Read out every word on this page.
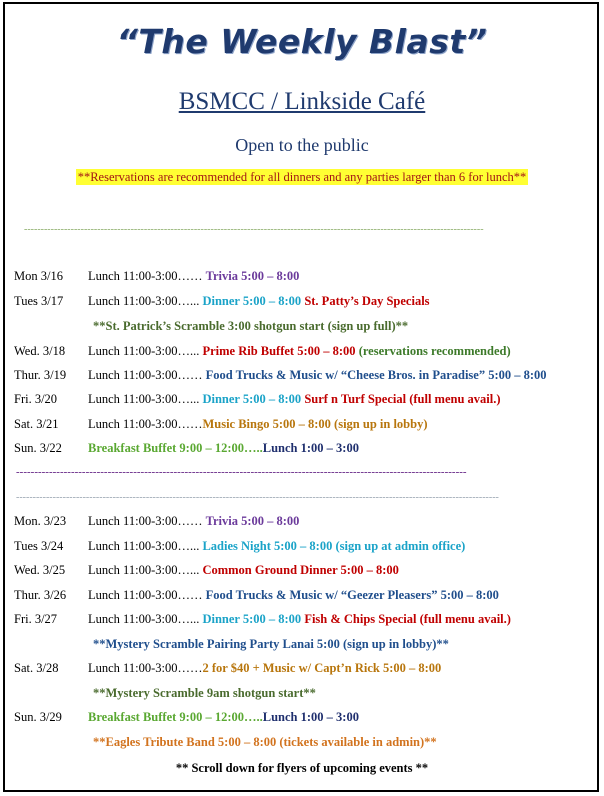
“The Weekly Blast”
BSMCC / Linkside Café
Open to the public
**Reservations are recommended for all dinners and any parties larger than 6 for lunch**
------------------------------------------------------------------------------------------------------------------------------------------
Mon 3/16 Lunch 11:00-3:00…… Trivia 5:00 – 8:00
Tues 3/17 Lunch 11:00-3:00…... Dinner 5:00 – 8:00 St. Patty’s Day Specials
**St. Patrick’s Scramble 3:00 shotgun start (sign up full)**
Wed. 3/18 Lunch 11:00-3:00…... Prime Rib Buffet 5:00 – 8:00 (reservations recommended)
Thur. 3/19 Lunch 11:00-3:00…… Food Trucks & Music w/ “Cheese Bros. in Paradise” 5:00 – 8:00
Fri. 3/20 Lunch 11:00-3:00…... Dinner 5:00 – 8:00 Surf n Turf Special (full menu avail.)
Sat. 3/21 Lunch 11:00-3:00……Music Bingo 5:00 – 8:00 (sign up in lobby)
Sun. 3/22 Breakfast Buffet 9:00 – 12:00…..Lunch 1:00 – 3:00
---------------------------------------------------------------------------------------------------------------------------
-------------------------------------------------------------------------------------------------------------------------------------------------
Mon. 3/23 Lunch 11:00-3:00…… Trivia 5:00 – 8:00
Tues 3/24 Lunch 11:00-3:00…... Ladies Night 5:00 – 8:00 (sign up at admin office)
Wed. 3/25 Lunch 11:00-3:00…... Common Ground Dinner 5:00 – 8:00
Thur. 3/26 Lunch 11:00-3:00…… Food Trucks & Music w/ “Geezer Pleasers” 5:00 – 8:00
Fri. 3/27 Lunch 11:00-3:00…... Dinner 5:00 – 8:00 Fish & Chips Special (full menu avail.)
**Mystery Scramble Pairing Party Lanai 5:00 (sign up in lobby)**
Sat. 3/28 Lunch 11:00-3:00……2 for $40 + Music w/ Capt’n Rick 5:00 – 8:00
**Mystery Scramble 9am shotgun start**
Sun. 3/29 Breakfast Buffet 9:00 – 12:00…..Lunch 1:00 – 3:00
**Eagles Tribute Band 5:00 – 8:00 (tickets available in admin)**
** Scroll down for flyers of upcoming events **
